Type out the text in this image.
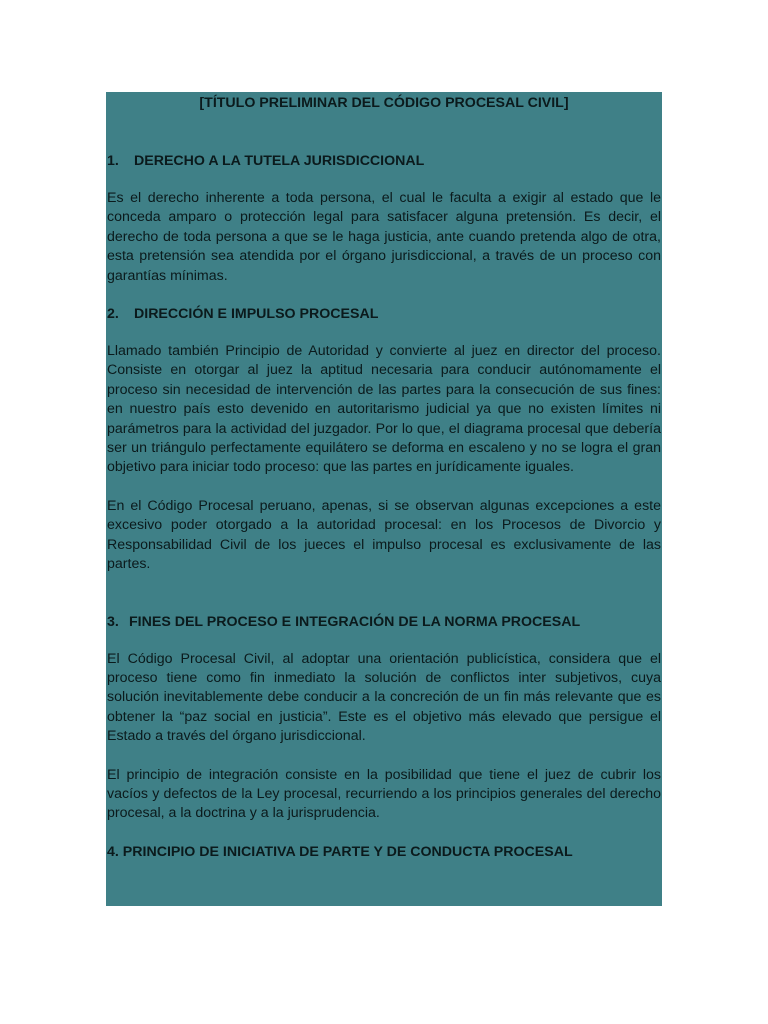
[TÍTULO PRELIMINAR DEL CÓDIGO PROCESAL CIVIL]
1. DERECHO A LA TUTELA JURISDICCIONAL

Es el derecho inherente a toda persona, el cual le faculta a exigir al estado que le conceda amparo o protección legal para satisfacer alguna pretensión. Es decir, el derecho de toda persona a que se le haga justicia, ante cuando pretenda algo de otra, esta pretensión sea atendida por el órgano jurisdiccional, a través de un proceso con garantías mínimas.

2. DIRECCIÓN E IMPULSO PROCESAL

Llamado también Principio de Autoridad y convierte al juez en director del proceso. Consiste en otorgar al juez la aptitud necesaria para conducir autónomamente el proceso sin necesidad de intervención de las partes para la consecución de sus fines: en nuestro país esto devenido en autoritarismo judicial ya que no existen límites ni parámetros para la actividad del juzgador. Por lo que, el diagrama procesal que debería ser un triángulo perfectamente equilátero se deforma en escaleno y no se logra el gran objetivo para iniciar todo proceso: que las partes en jurídicamente iguales.

En el Código Procesal peruano, apenas, si se observan algunas excepciones a este excesivo poder otorgado a la autoridad procesal: en los Procesos de Divorcio y Responsabilidad Civil de los jueces el impulso procesal es exclusivamente de las partes.

3. FINES DEL PROCESO E INTEGRACIÓN DE LA NORMA PROCESAL

El Código Procesal Civil, al adoptar una orientación publicística, considera que el proceso tiene como fin inmediato la solución de conflictos inter subjetivos, cuya solución inevitablemente debe conducir a la concreción de un fin más relevante que es obtener la “paz social en justicia”. Este es el objetivo más elevado que persigue el Estado a través del órgano jurisdiccional.

El principio de integración consiste en la posibilidad que tiene el juez de cubrir los vacíos y defectos de la Ley procesal, recurriendo a los principios generales del derecho procesal, a la doctrina y a la jurisprudencia.

4. PRINCIPIO DE INICIATIVA DE PARTE Y DE CONDUCTA PROCESAL
